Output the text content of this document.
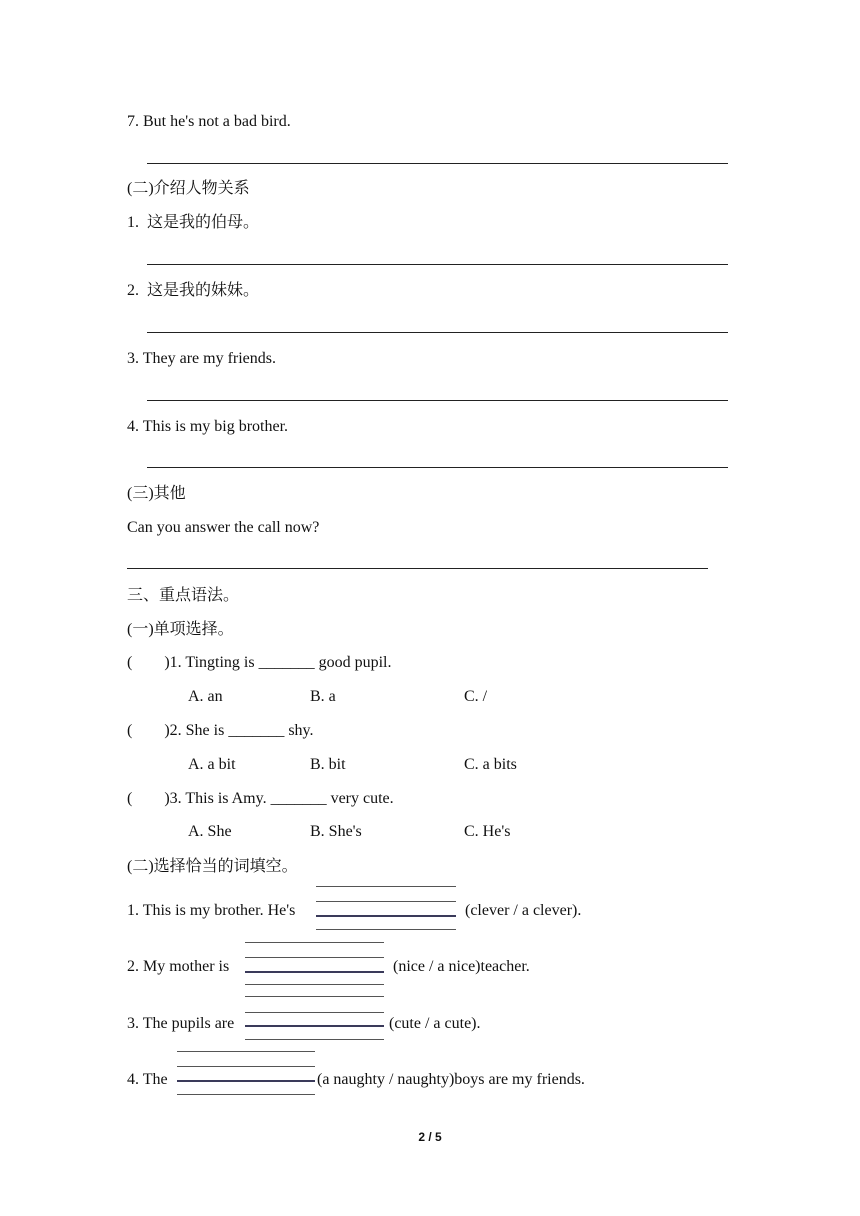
7. But he's not a bad bird.
(二)介绍人物关系
1.  这是我的伯母。
2.  这是我的妹妹。
3. They are my friends.
4. This is my big brother.
(三)其他
Can you answer the call now?
三、重点语法。
(一)单项选择。
(        )1. Tingting is _______ good pupil.
A. an	B. a	C. /
(        )2. She is _______ shy.
A. a bit	B. bit	C. a bits
(        )3. This is Amy. _______ very cute.
A. She	B. She's	C. He's
(二)选择恰当的词填空。
1. This is my brother. He's	(clever / a clever).
2. My mother is	(nice / a nice)teacher.
3. The pupils are	(cute / a cute).
4. The	(a naughty / naughty)boys are my friends.
2 / 5
